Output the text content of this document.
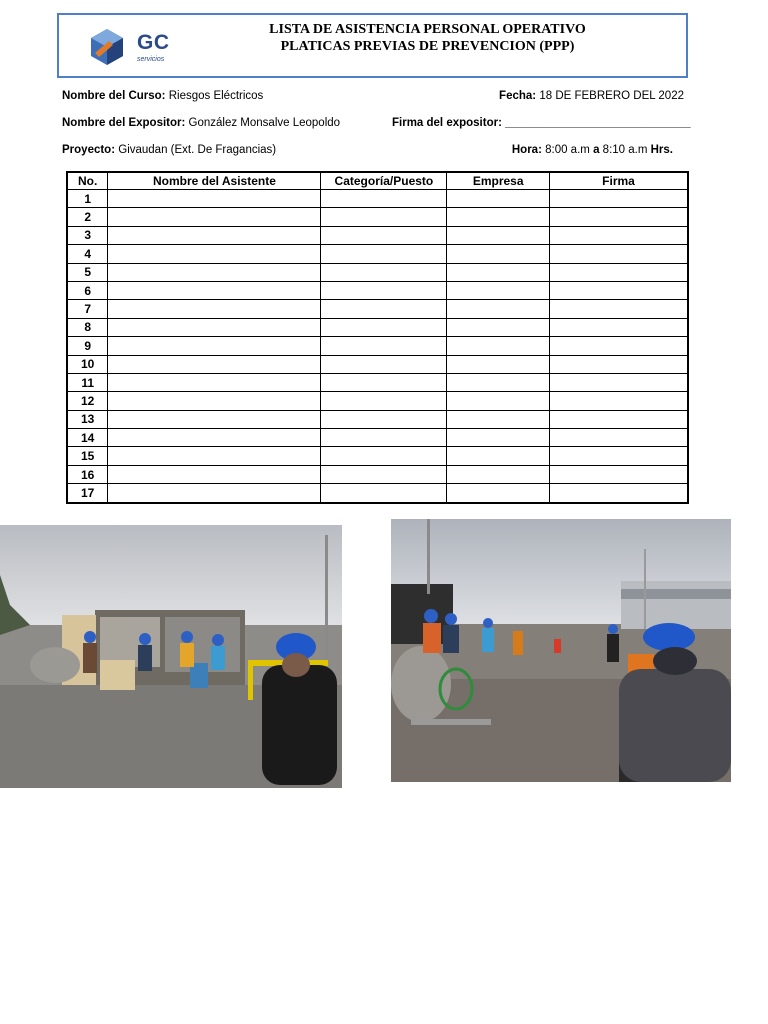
GC
servicios
LISTA DE ASISTENCIA PERSONAL OPERATIVO
PLATICAS PREVIAS DE PREVENCION (PPP)
Nombre del Curso: Riesgos Eléctricos	Fecha: 18 DE FEBRERO DEL 2022
Nombre del Expositor: González Monsalve Leopoldo	Firma del expositor: _____________________________
Proyecto: Givaudan (Ext. De Fragancias)	Hora: 8:00 a.m a 8:10 a.m Hrs.
No.	Nombre del Asistente	Categoría/Puesto	Empresa	Firma
1				
2				
3				
4				
5				
6				
7				
8				
9				
10				
11				
12				
13				
14				
15				
16				
17				
